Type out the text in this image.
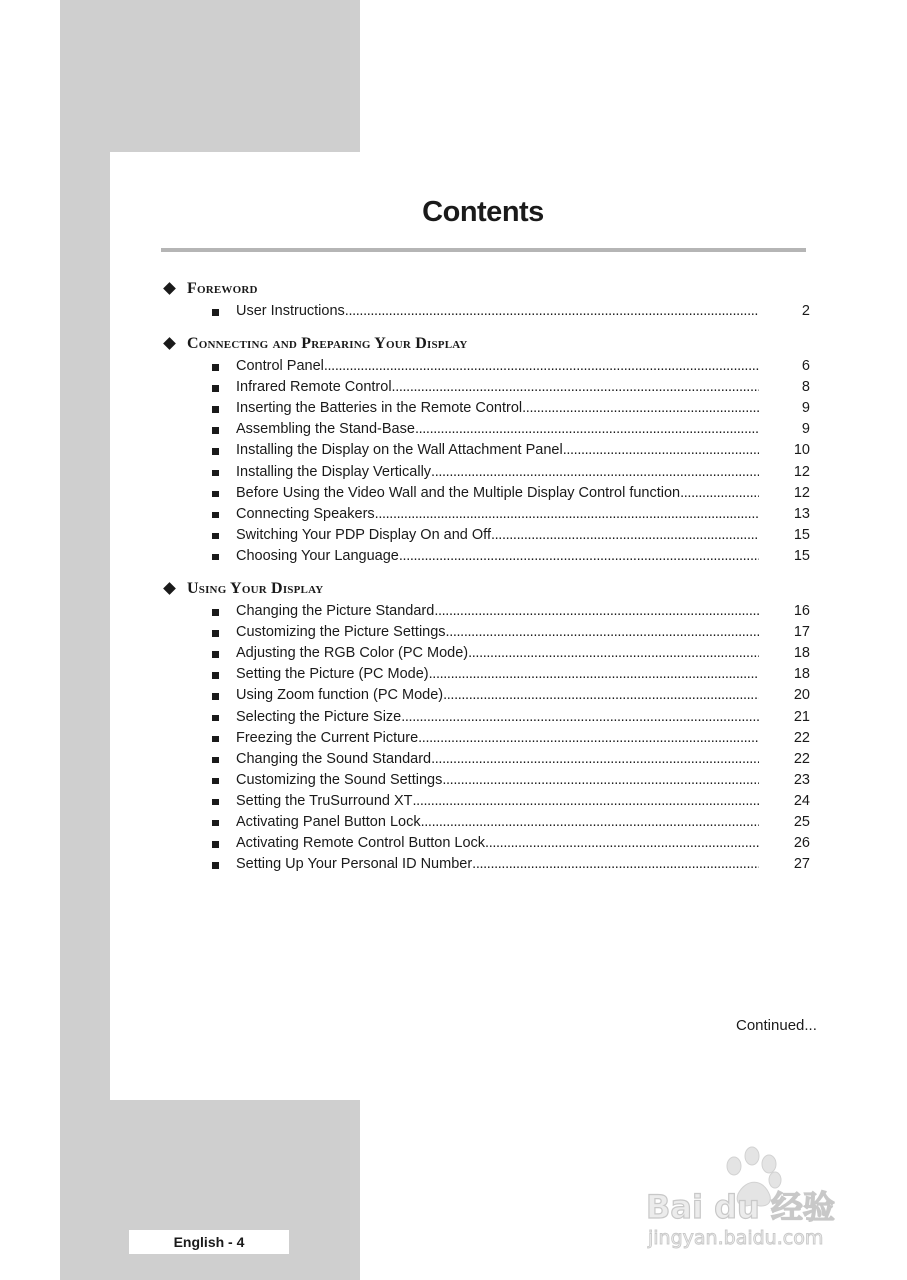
Contents
Foreword
User Instructions . . .	2
Connecting and Preparing Your Display
Control Panel . . .	6
Infrared Remote Control . . .	8
Inserting the Batteries in the Remote Control . . .	9
Assembling the Stand-Base . . .	9
Installing the Display on the Wall Attachment Panel . . .	10
Installing the Display Vertically . . .	12
Before Using the Video Wall and the Multiple Display Control function . . .	12
Connecting Speakers . . .	13
Switching Your PDP Display On and Off . . .	15
Choosing Your Language . . .	15
Using Your Display
Changing the Picture Standard . . .	16
Customizing the Picture Settings . . .	17
Adjusting the RGB Color (PC Mode) . . .	18
Setting the Picture (PC Mode) . . .	18
Using Zoom function (PC Mode) . . .	20
Selecting the Picture Size . . .	21
Freezing the Current Picture . . .	22
Changing the Sound Standard . . .	22
Customizing the Sound Settings . . .	23
Setting the TruSurround XT . . .	24
Activating Panel Button Lock . . .	25
Activating Remote Control Button Lock . . .	26
Setting Up Your Personal ID Number . . .	27
Continued...
English - 4
Bai du 经验
jingyan.baidu.com
